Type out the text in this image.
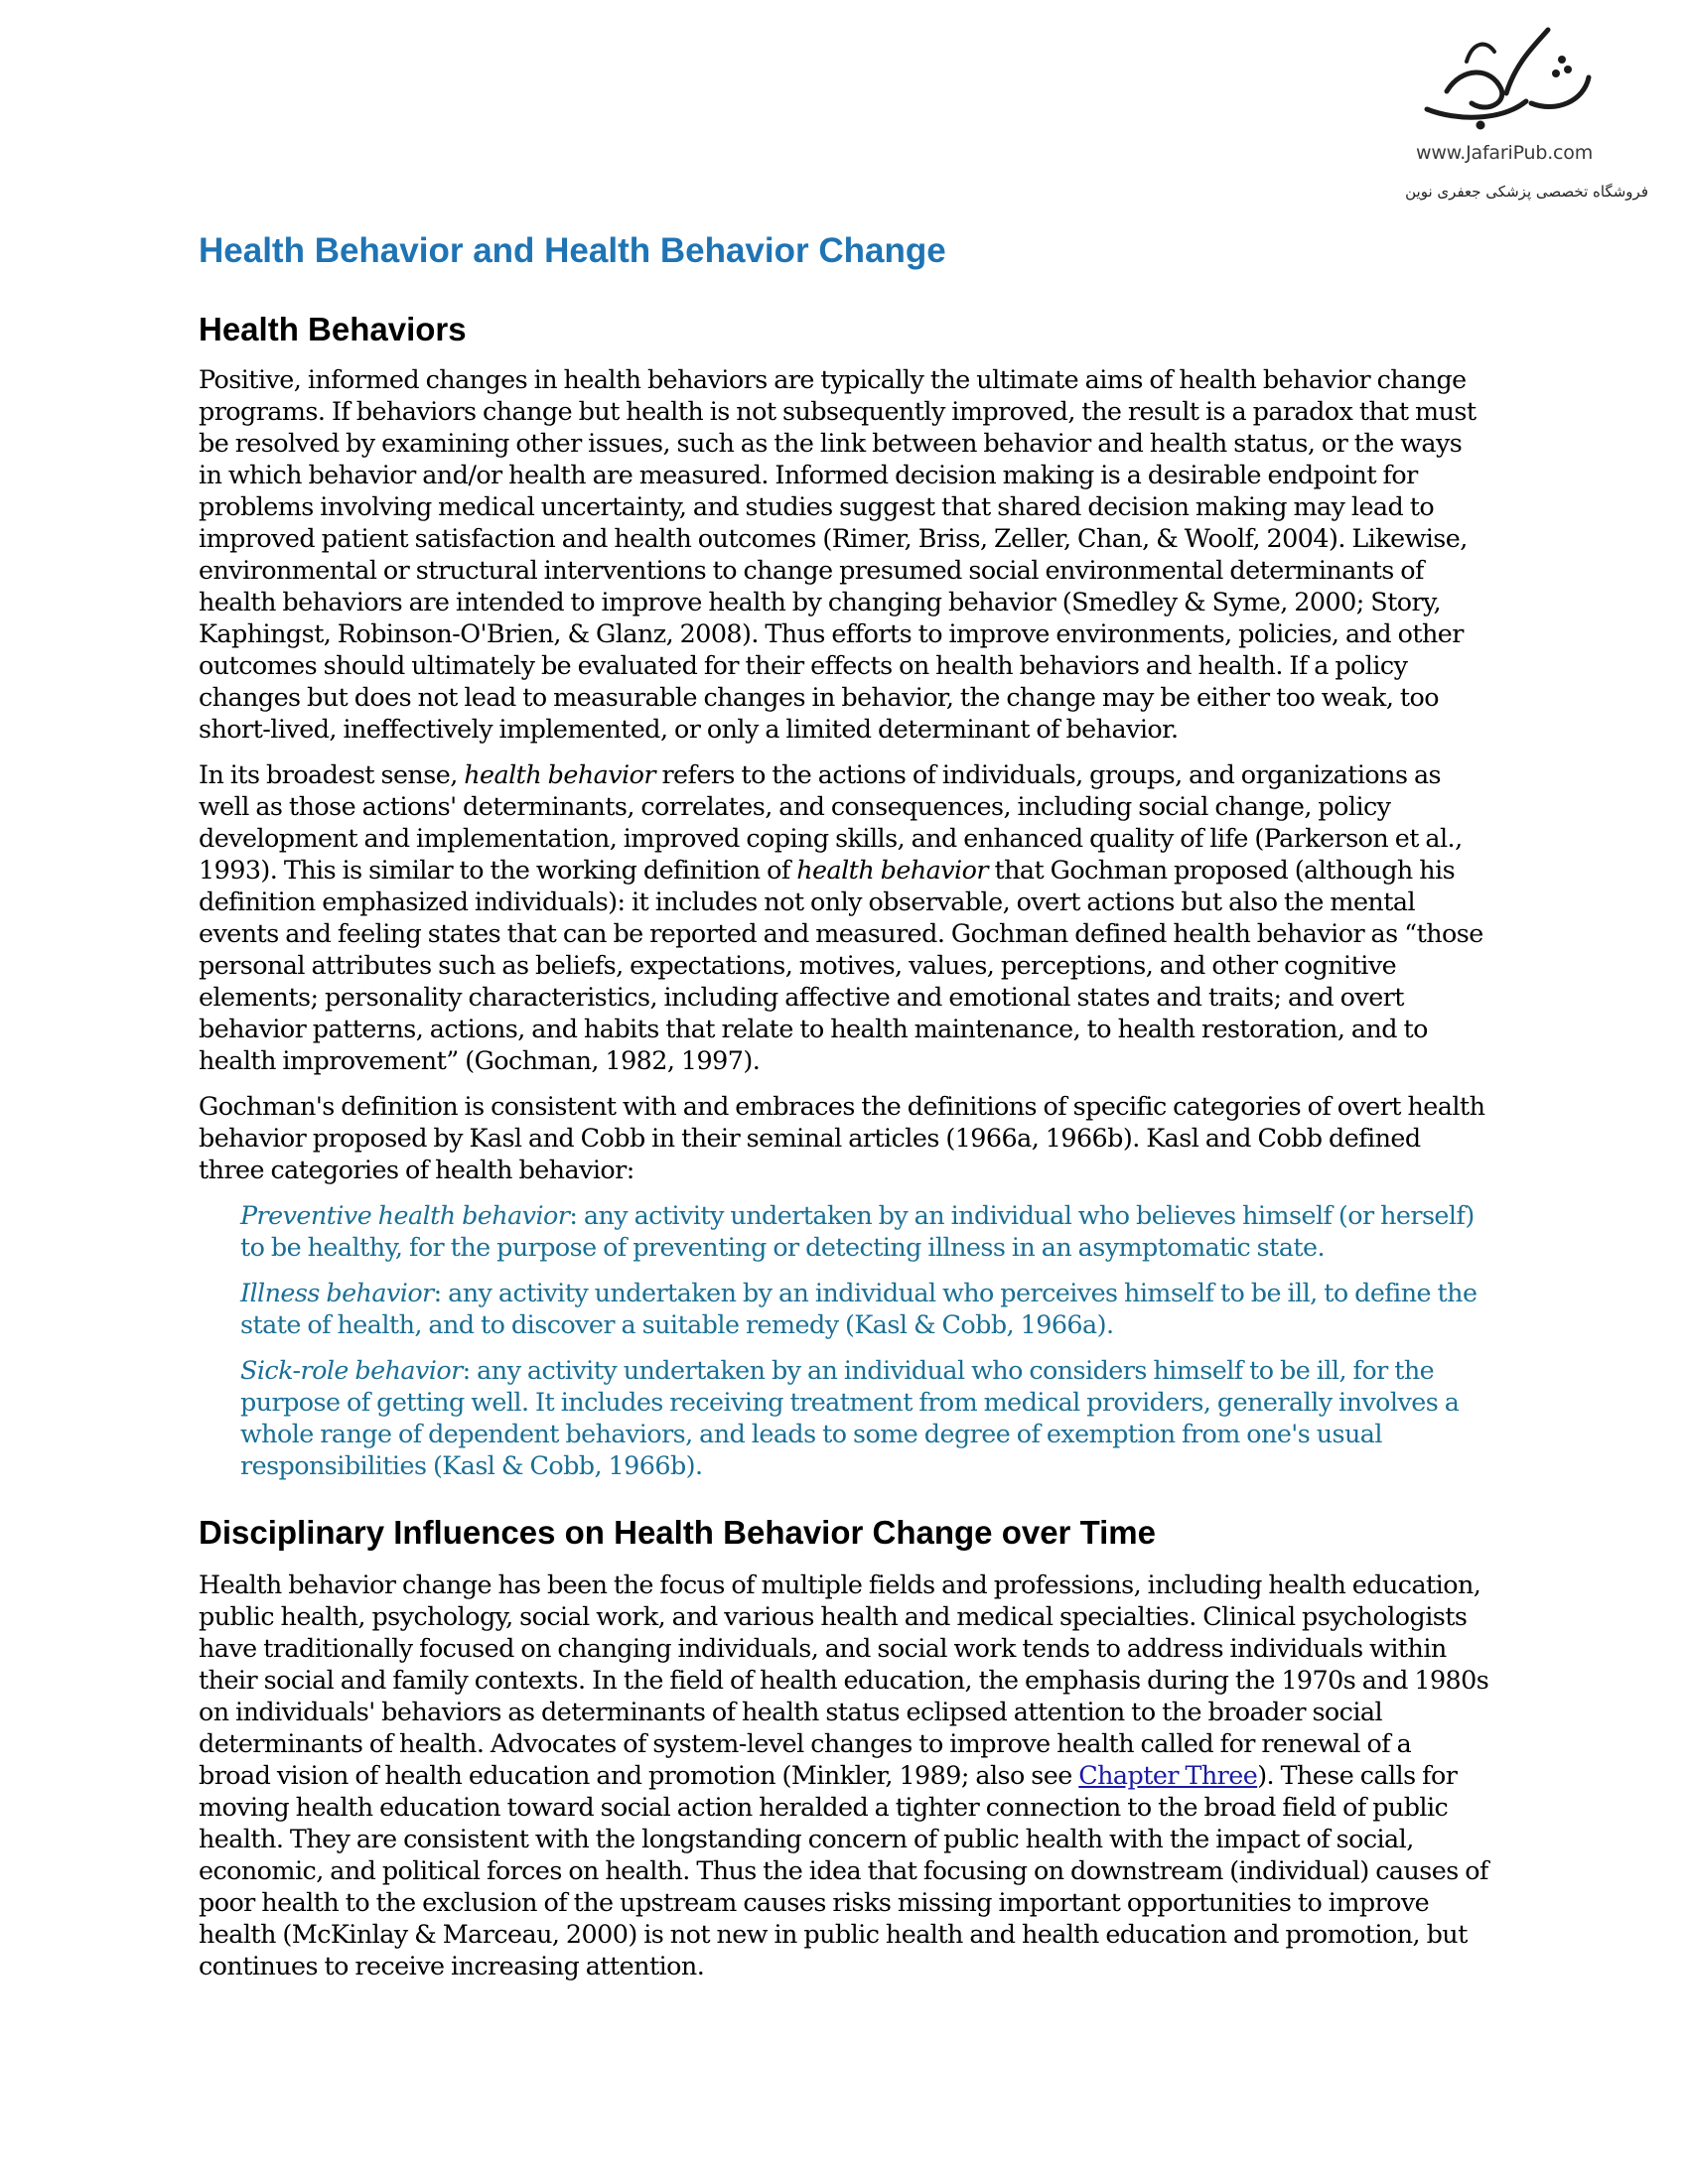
www.JafariPub.com
فروشگاه تخصصی پزشکی جعفری نوین
Health Behavior and Health Behavior Change
Health Behaviors

Positive, informed changes in health behaviors are typically the ultimate aims of health behavior change programs. If behaviors change but health is not subsequently improved, the result is a paradox that must be resolved by examining other issues, such as the link between behavior and health status, or the ways in which behavior and/or health are measured. Informed decision making is a desirable endpoint for problems involving medical uncertainty, and studies suggest that shared decision making may lead to improved patient satisfaction and health outcomes (Rimer, Briss, Zeller, Chan, & Woolf, 2004). Likewise, environmental or structural interventions to change presumed social environmental determinants of health behaviors are intended to improve health by changing behavior (Smedley & Syme, 2000; Story, Kaphingst, Robinson-O'Brien, & Glanz, 2008). Thus efforts to improve environments, policies, and other outcomes should ultimately be evaluated for their effects on health behaviors and health. If a policy changes but does not lead to measurable changes in behavior, the change may be either too weak, too short-lived, ineffectively implemented, or only a limited determinant of behavior.

In its broadest sense, health behavior refers to the actions of individuals, groups, and organizations as well as those actions' determinants, correlates, and consequences, including social change, policy development and implementation, improved coping skills, and enhanced quality of life (Parkerson et al., 1993). This is similar to the working definition of health behavior that Gochman proposed (although his definition emphasized individuals): it includes not only observable, overt actions but also the mental events and feeling states that can be reported and measured. Gochman defined health behavior as “those personal attributes such as beliefs, expectations, motives, values, perceptions, and other cognitive elements; personality characteristics, including affective and emotional states and traits; and overt behavior patterns, actions, and habits that relate to health maintenance, to health restoration, and to health improvement” (Gochman, 1982, 1997).

Gochman's definition is consistent with and embraces the definitions of specific categories of overt health behavior proposed by Kasl and Cobb in their seminal articles (1966a, 1966b). Kasl and Cobb defined three categories of health behavior:

Preventive health behavior: any activity undertaken by an individual who believes himself (or herself) to be healthy, for the purpose of preventing or detecting illness in an asymptomatic state.

Illness behavior: any activity undertaken by an individual who perceives himself to be ill, to define the state of health, and to discover a suitable remedy (Kasl & Cobb, 1966a).

Sick-role behavior: any activity undertaken by an individual who considers himself to be ill, for the purpose of getting well. It includes receiving treatment from medical providers, generally involves a whole range of dependent behaviors, and leads to some degree of exemption from one's usual responsibilities (Kasl & Cobb, 1966b).

Disciplinary Influences on Health Behavior Change over Time

Health behavior change has been the focus of multiple fields and professions, including health education, public health, psychology, social work, and various health and medical specialties. Clinical psychologists have traditionally focused on changing individuals, and social work tends to address individuals within their social and family contexts. In the field of health education, the emphasis during the 1970s and 1980s on individuals' behaviors as determinants of health status eclipsed attention to the broader social determinants of health. Advocates of system-level changes to improve health called for renewal of a broad vision of health education and promotion (Minkler, 1989; also see Chapter Three). These calls for moving health education toward social action heralded a tighter connection to the broad field of public health. They are consistent with the longstanding concern of public health with the impact of social, economic, and political forces on health. Thus the idea that focusing on downstream (individual) causes of poor health to the exclusion of the upstream causes risks missing important opportunities to improve health (McKinlay & Marceau, 2000) is not new in public health and health education and promotion, but continues to receive increasing attention.
